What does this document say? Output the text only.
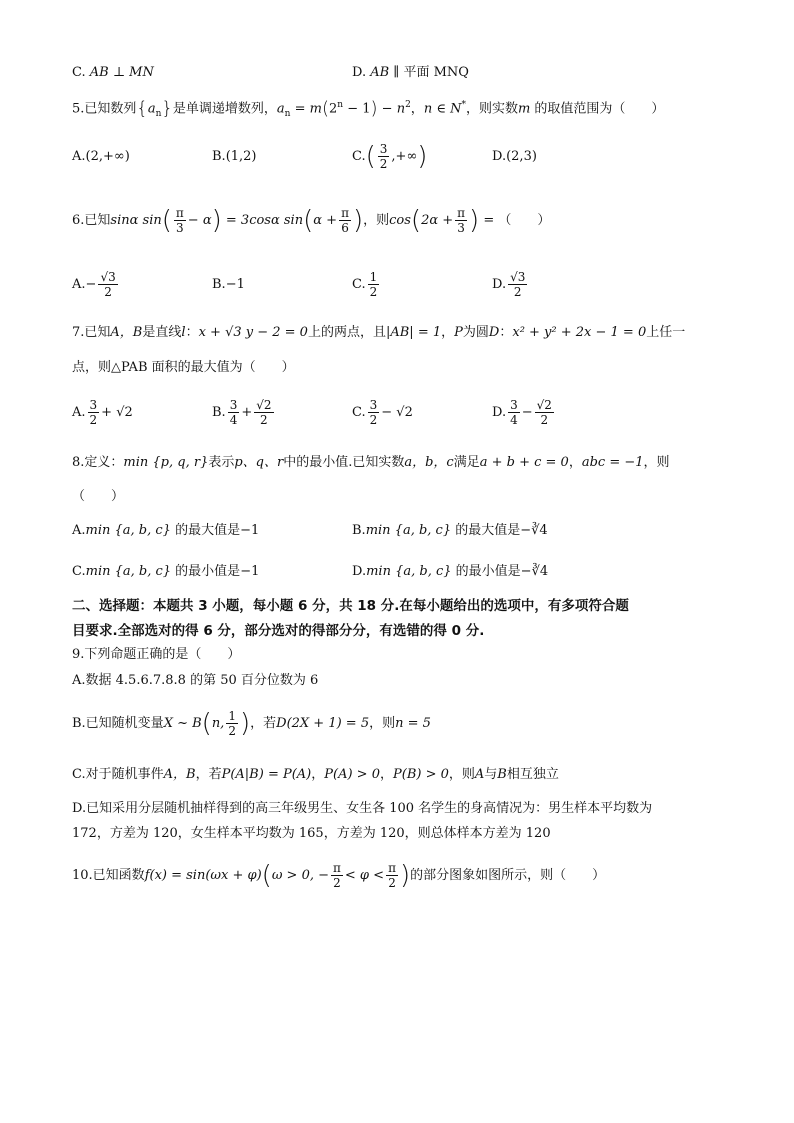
C. AB ⊥ MN	D. AB ∥ 平面 MNQ
5.已知数列$\{a_n\}$是单调递增数列，$a_n = m(2^n - 1) - n^2$，n ∈ N*，则实数m 的取值范围为（　　）
A.(2,+∞)	B.(1,2)	$C.( \frac{3}{2}$ ,+∞)	D.(2,3)
6.已知sinα $\sin( \frac{\pi}{3} - \alpha) = 3\cos\alpha$ $\sin(\alpha + \frac{\pi}{6}$ )，则$\cos(2\alpha + \frac{\pi}{3}$ ) = （　　）
$A.- \frac{√3}{2}$	B.−1	C. $\frac{1}{2}$	D. $\frac{√3}{2}$
7.已知A，B是直线l：x + √3 y − 2 = 0上的两点，且|AB| = 1，P为圆D：x² + y² + 2x − 1 = 0上任一
点，则△PAB 面积的最大值为（　　）
A. $\frac{3}{2} + √2$	B. $\frac{3}{4} + \frac{√2}{2}$	C. $\frac{3}{2} - √2$	D. $\frac{3}{4} - \frac{√2}{2}$
8.定义：min {p, q, r}表示p、q、r中的最小值.已知实数a，b，c满足a + b + c = 0，abc = −1，则
（　　）
A.min {a, b, c} 的最大值是−1	B.min {a, b, c} 的最大值是−∛4
C.min {a, b, c} 的最小值是−1	D.min {a, b, c} 的最小值是−∛4
二、选择题：本题共 3 小题，每小题 6 分，共 18 分.在每小题给出的选项中，有多项符合题
目要求.全部选对的得 6 分，部分选对的得部分分，有选错的得 0 分.
9.下列命题正确的是（　　）
A.数据 4.5.6.7.8.8 的第 50 百分位数为 6
B.已知随机变量X ~ B(n, $\frac{1}{2}$ )，若D(2X + 1) = 5，则n = 5
C.对于随机事件A，B，若P(A|B) = P(A)，P(A) > 0，P(B) > 0，则A与B相互独立
D.已知采用分层随机抽样得到的高三年级男生、女生各 100 名学生的身高情况为：男生样本平均数为
172，方差为 120，女生样本平均数为 165，方差为 120，则总体样本方差为 120
10.已知函数f(x) = sin(ωx + φ)(ω > 0, − $\frac{\pi}{2} < \varphi < \frac{\pi}{2}$ )的部分图象如图所示，则（　　）
